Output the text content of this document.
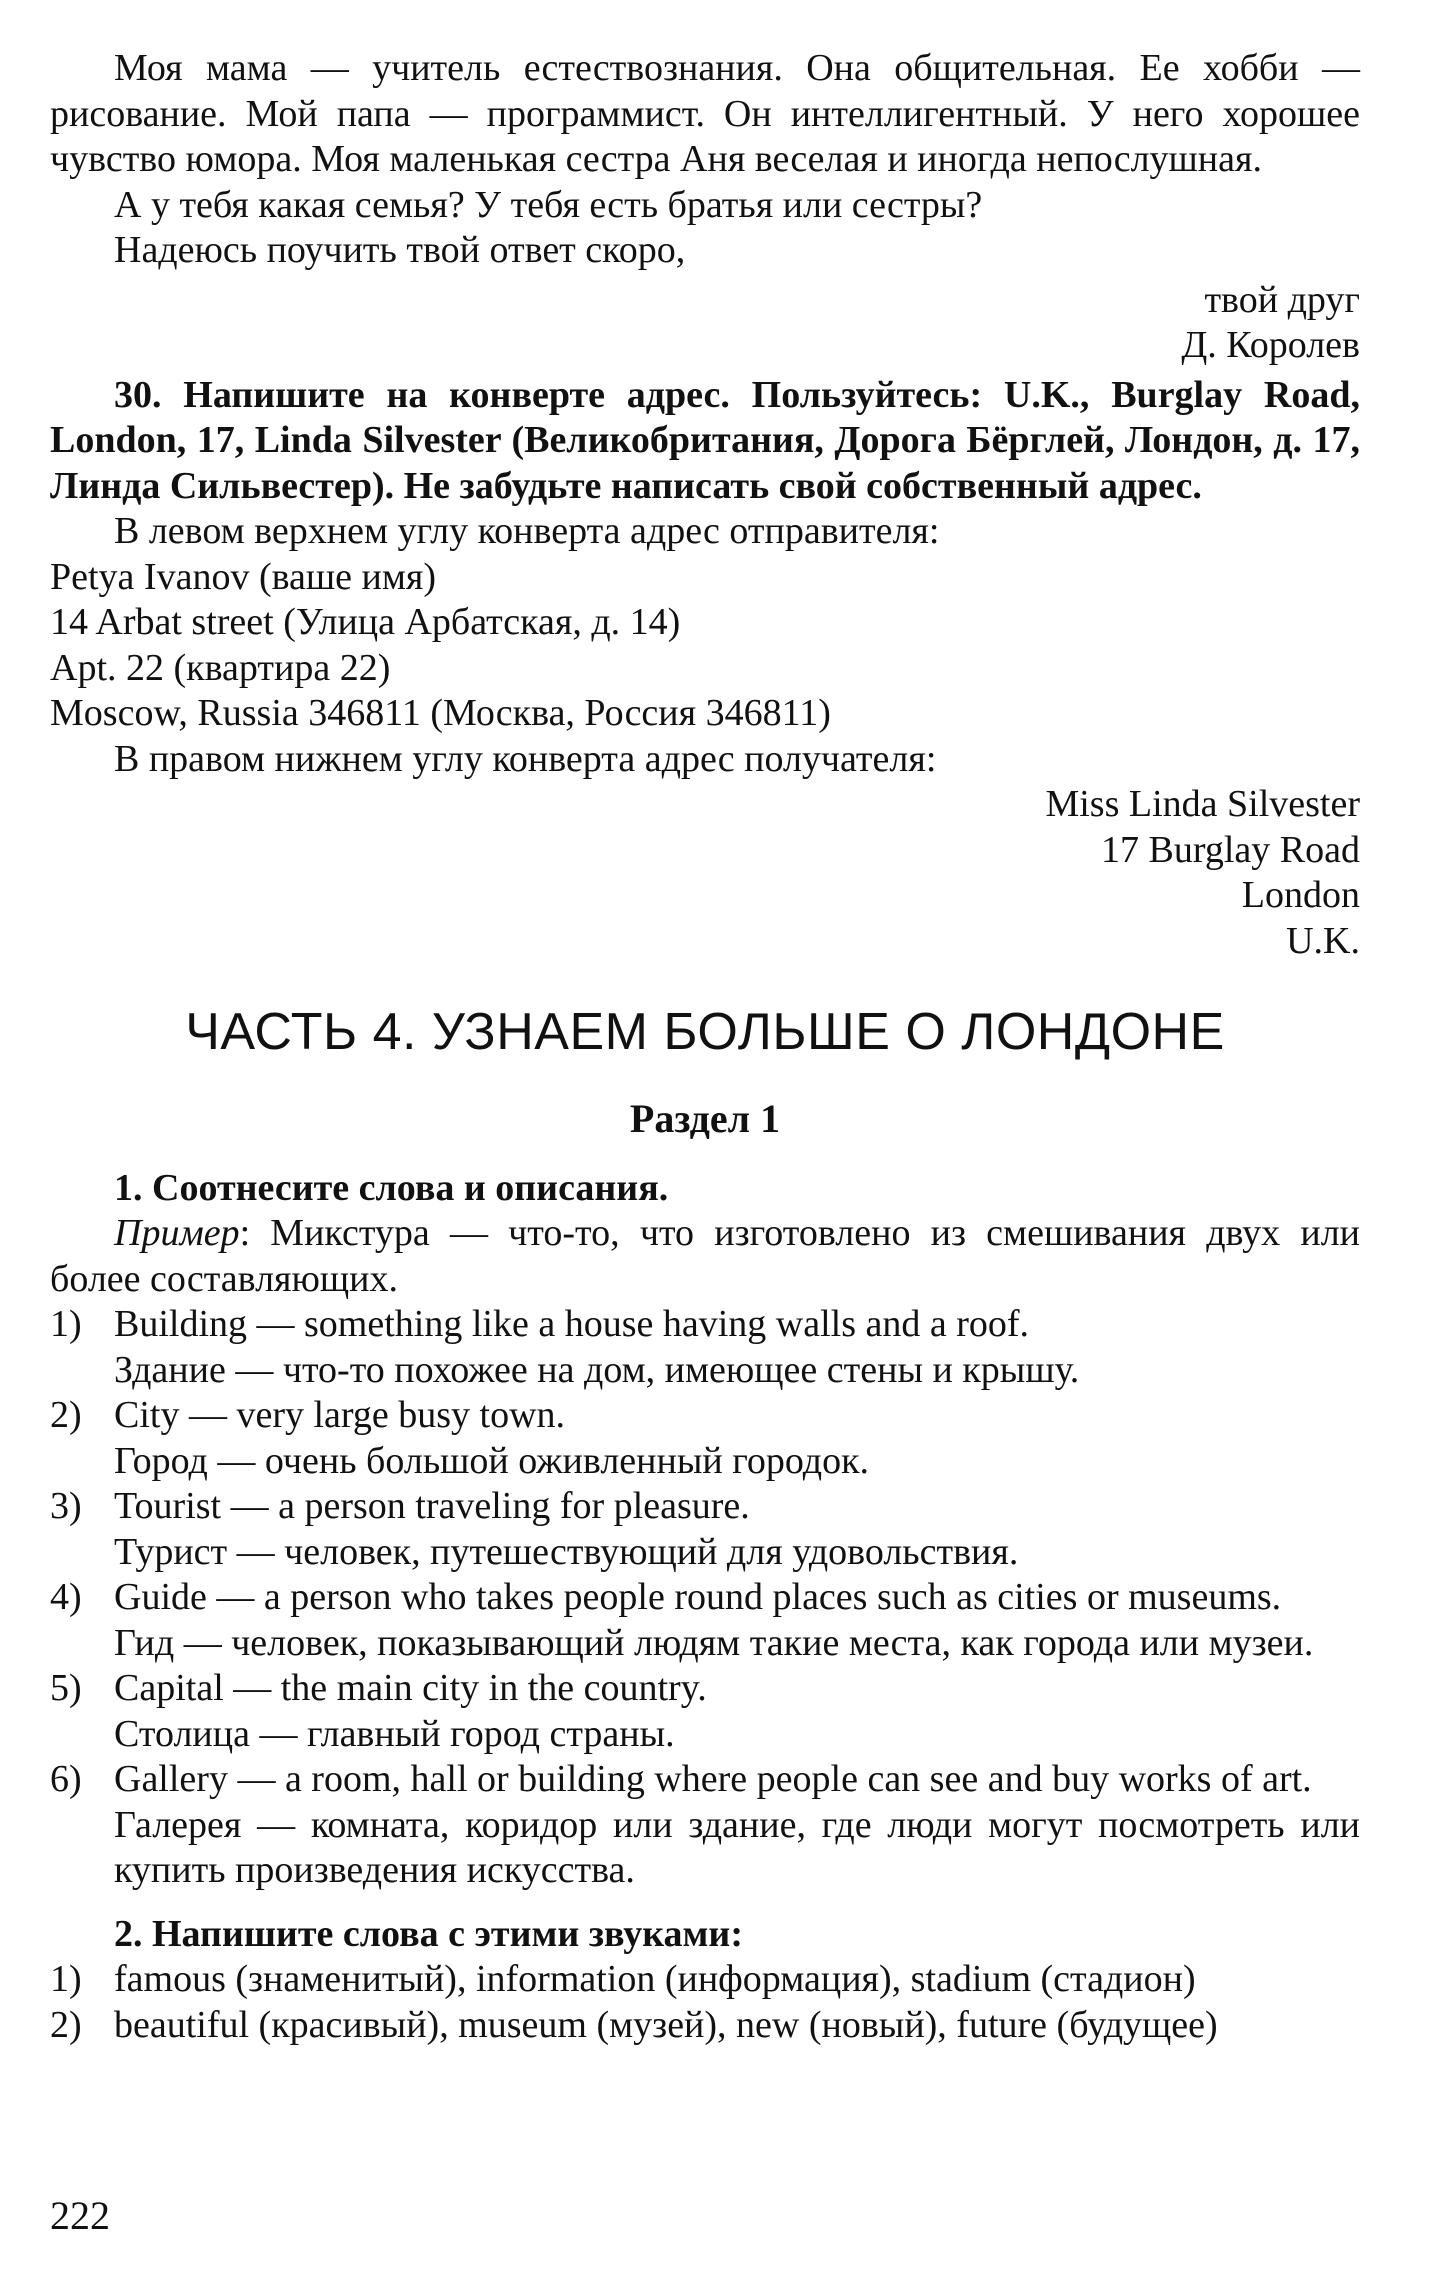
Моя мама — учитель естествознания. Она общительная. Ее хобби — рисование. Мой папа — программист. Он интеллигентный. У него хорошее чувство юмора. Моя маленькая сестра Аня веселая и иногда непослушная.

А у тебя какая семья? У тебя есть братья или сестры?

Надеюсь поучить твой ответ скоро,

твой друг

Д. Королев

30. Напишите на конверте адрес. Пользуйтесь: U.K., Burglay Road, London, 17, Linda Silvester (Великобритания, Дорога Бёрглей, Лондон, д. 17, Линда Сильвестер). Не забудьте написать свой собственный адрес.

В левом верхнем углу конверта адрес отправителя:

Petya Ivanov (ваше имя)

14 Arbat street (Улица Арбатская, д. 14)

Apt. 22 (квартира 22)

Moscow, Russia 346811 (Москва, Россия 346811)

В правом нижнем углу конверта адрес получателя:

Miss Linda Silvester

17 Burglay Road

London

U.K.

ЧАСТЬ 4. УЗНАЕМ БОЛЬШЕ О ЛОНДОНЕ
Раздел 1

1. Соотнесите слова и описания.

Пример: Микстура — что-то, что изготовлено из смешивания двух или более составляющих.

1) Building — something like a house having walls and a roof.
Здание — что-то похожее на дом, имеющее стены и крышу.
2) City — very large busy town.
Город — очень большой оживленный городок.
3) Tourist — a person traveling for pleasure.
Турист — человек, путешествующий для удовольствия.
4) Guide — a person who takes people round places such as cities or museums.
Гид — человек, показывающий людям такие места, как города или музеи.
5) Capital — the main city in the country.
Столица — главный город страны.
6) Gallery — a room, hall or building where people can see and buy works of art.
Галерея — комната, коридор или здание, где люди могут посмотреть или купить произведения искусства.

2. Напишите слова с этими звуками:

1) famous (знаменитый), information (информация), stadium (стадион)
2) beautiful (красивый), museum (музей), new (новый), future (будущее)
222
